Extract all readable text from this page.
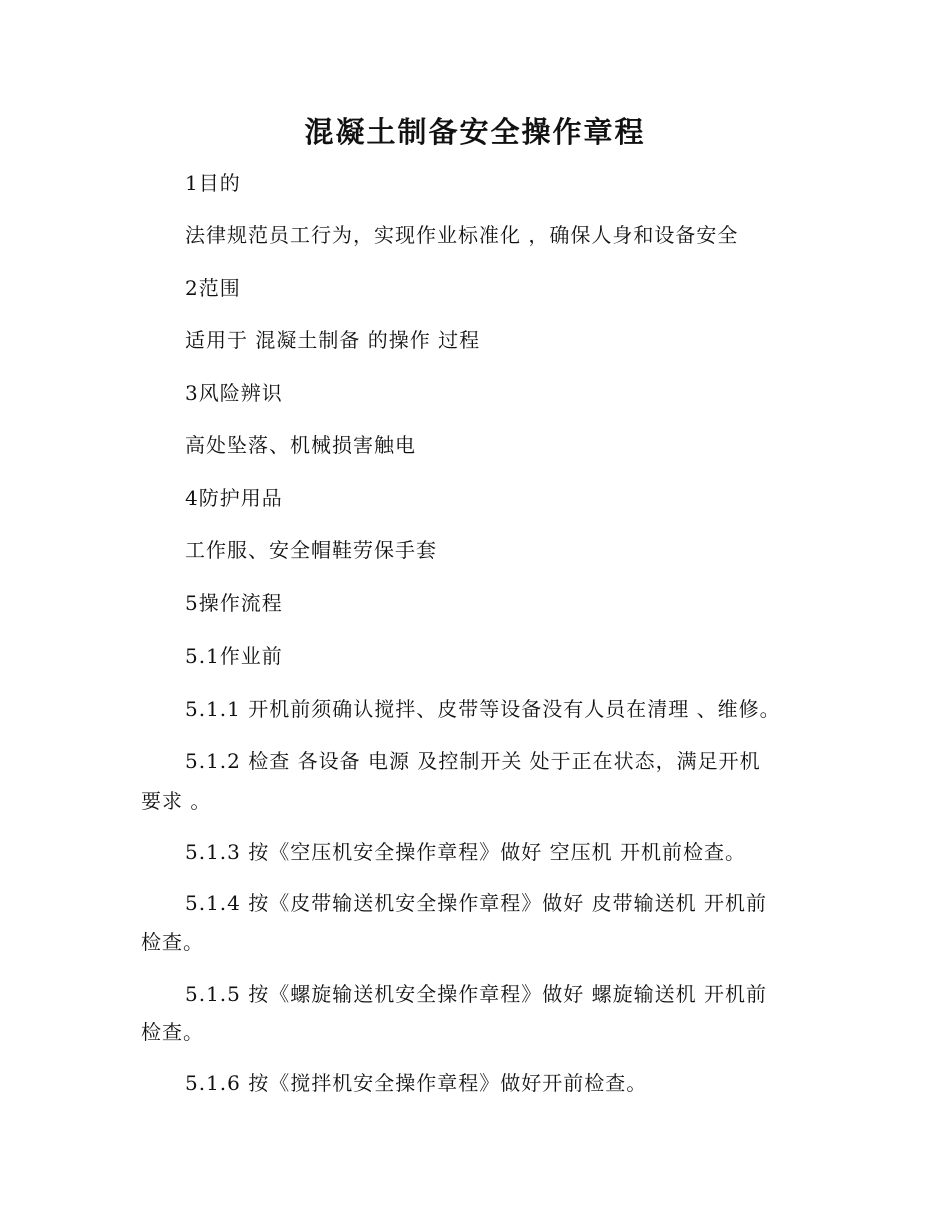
混凝土制备安全操作章程
1目的
法律规范员工行为，实现作业标准化 ，确保人身和设备安全
2范围
适用于 混凝土制备 的操作 过程
3风险辨识
高处坠落、机械损害触电
4防护用品
工作服、安全帽鞋劳保手套
5操作流程
5.1作业前
5.1.1 开机前须确认搅拌、皮带等设备没有人员在清理 、维修。
5.1.2 检查 各设备 电源 及控制开关 处于正在状态，满足开机
要求 。
5.1.3 按《空压机安全操作章程》做好 空压机 开机前检查。
5.1.4 按《皮带输送机安全操作章程》做好 皮带输送机 开机前
检查。
5.1.5 按《螺旋输送机安全操作章程》做好 螺旋输送机 开机前
检查。
5.1.6 按《搅拌机安全操作章程》做好开前检查。
